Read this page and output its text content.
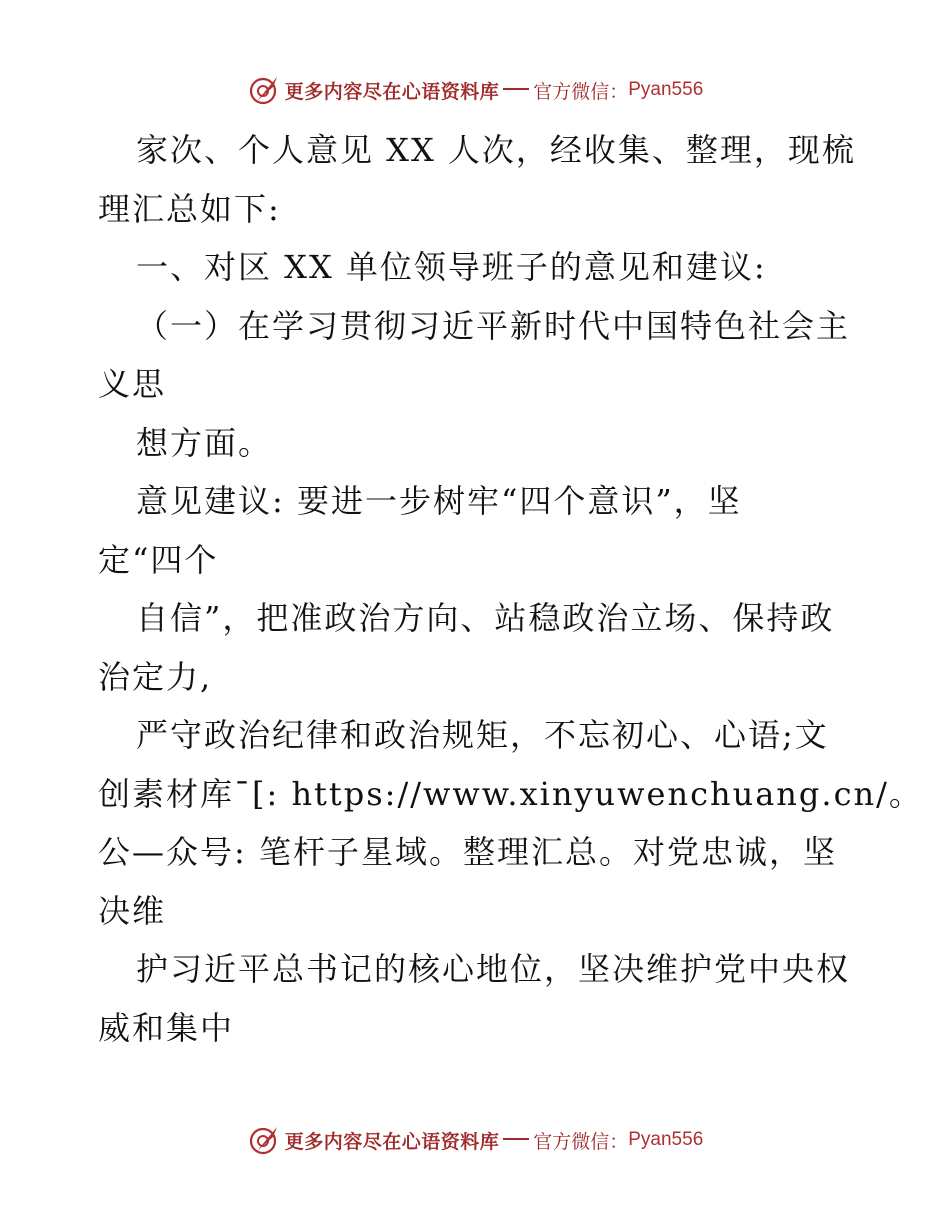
更多内容尽在心语资料库 官方微信： Pyan556
家次、个人意见 XX 人次，经收集、整理，现梳
理汇总如下:
一、对区 XX 单位领导班子的意见和建议:
（一）在学习贯彻习近平新时代中国特色社会主
义思
想方面。
意见建议: 要进一步树牢“四个意识”，坚
定“四个
自信”，把准政治方向、站稳政治立场、保持政
治定力,
严守政治纪律和政治规矩，不忘初心、心语;文
创素材库¯[: https://www.xinyuwenchuang.cn/。
公—众号: 笔杆子星域。整理汇总。对党忠诚，坚
决维
护习近平总书记的核心地位，坚决维护党中央权
威和集中
更多内容尽在心语资料库 官方微信： Pyan556
